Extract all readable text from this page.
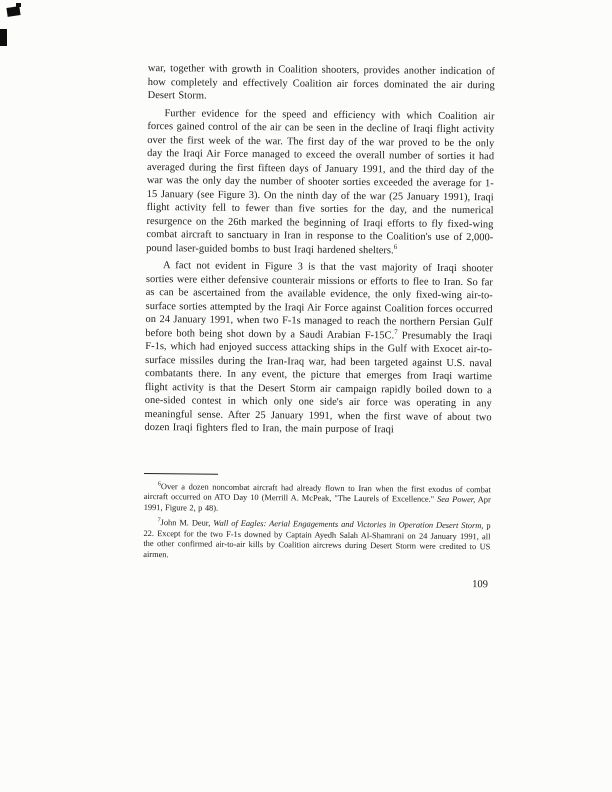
war, together with growth in Coalition shooters, provides another indication of how completely and effectively Coalition air forces dominated the air during Desert Storm.

Further evidence for the speed and efficiency with which Coalition air forces gained control of the air can be seen in the decline of Iraqi flight activity over the first week of the war. The first day of the war proved to be the only day the Iraqi Air Force managed to exceed the overall number of sorties it had averaged during the first fifteen days of January 1991, and the third day of the war was the only day the number of shooter sorties exceeded the average for 1-15 January (see Figure 3). On the ninth day of the war (25 January 1991), Iraqi flight activity fell to fewer than five sorties for the day, and the numerical resurgence on the 26th marked the beginning of Iraqi efforts to fly fixed-wing combat aircraft to sanctuary in Iran in response to the Coalition's use of 2,000-pound laser-guided bombs to bust Iraqi hardened shelters.$^6$

A fact not evident in Figure 3 is that the vast majority of Iraqi shooter sorties were either defensive counterair missions or efforts to flee to Iran. So far as can be ascertained from the available evidence, the only fixed-wing air-to-surface sorties attempted by the Iraqi Air Force against Coalition forces occurred on 24 January 1991, when two F-1s managed to reach the northern Persian Gulf before both being shot down by a Saudi Arabian F-15C.$^7$ Presumably the Iraqi F-1s, which had enjoyed success attacking ships in the Gulf with Exocet air-to-surface missiles during the Iran-Iraq war, had been targeted against U.S. naval combatants there. In any event, the picture that emerges from Iraqi wartime flight activity is that the Desert Storm air campaign rapidly boiled down to a one-sided contest in which only one side's air force was operating in any meaningful sense. After 25 January 1991, when the first wave of about two dozen Iraqi fighters fled to Iran, the main purpose of Iraqi

$^6$Over a dozen noncombat aircraft had already flown to Iran when the first exodus of combat aircraft occurred on ATO Day 10 (Merrill A. McPeak, "The Laurels of Excellence." Sea Power, Apr 1991, Figure 2, p 48).

$^7$John M. Deur, Wall of Eagles: Aerial Engagements and Victories in Operation Desert Storm, p 22. Except for the two F-1s downed by Captain Ayedh Salah Al-Shamrani on 24 January 1991, all the other confirmed air-to-air kills by Coalition aircrews during Desert Storm were credited to US airmen.

109
